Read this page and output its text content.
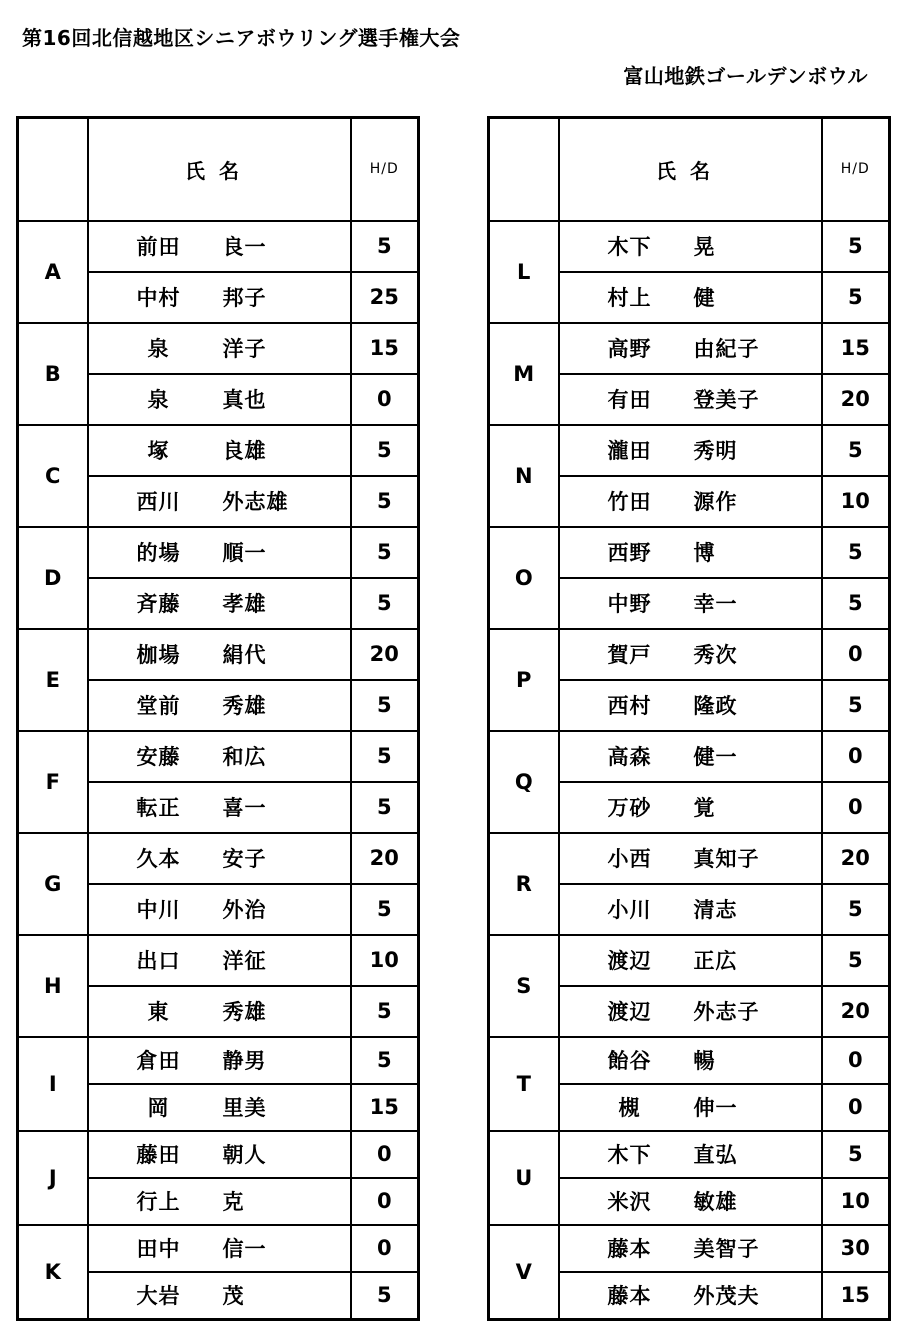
第16回北信越地区シニアボウリング選手権大会
富山地鉄ゴールデンボウル
	氏名	H/D
A	前田 良一	5

	中村 邦子	25
B	泉 洋子	15

	泉 真也	0
C	塚 良雄	5

	西川 外志雄	5
D	的場 順一	5

	斉藤 孝雄	5
E	枷場 絹代	20

	堂前 秀雄	5
F	安藤 和広	5

	転正 喜一	5
G	久本 安子	20

	中川 外治	5
H	出口 洋征	10

	東 秀雄	5
I	倉田 静男	5

	岡 里美	15
J	藤田 朝人	0

	行上 克	0
K	田中 信一	0

	大岩 茂	5
	氏名	H/D
L	木下 晃	5

	村上 健	5
M	高野 由紀子	15

	有田 登美子	20
N	瀧田 秀明	5

	竹田 源作	10
O	西野 博	5

	中野 幸一	5
P	賀戸 秀次	0

	西村 隆政	5
Q	高森 健一	0

	万砂 覚	0
R	小西 真知子	20

	小川 清志	5
S	渡辺 正広	5

	渡辺 外志子	20
T	飴谷 暢	0

	槻 伸一	0
U	木下 直弘	5

	米沢 敏雄	10
V	藤本 美智子	30

	藤本 外茂夫	15
